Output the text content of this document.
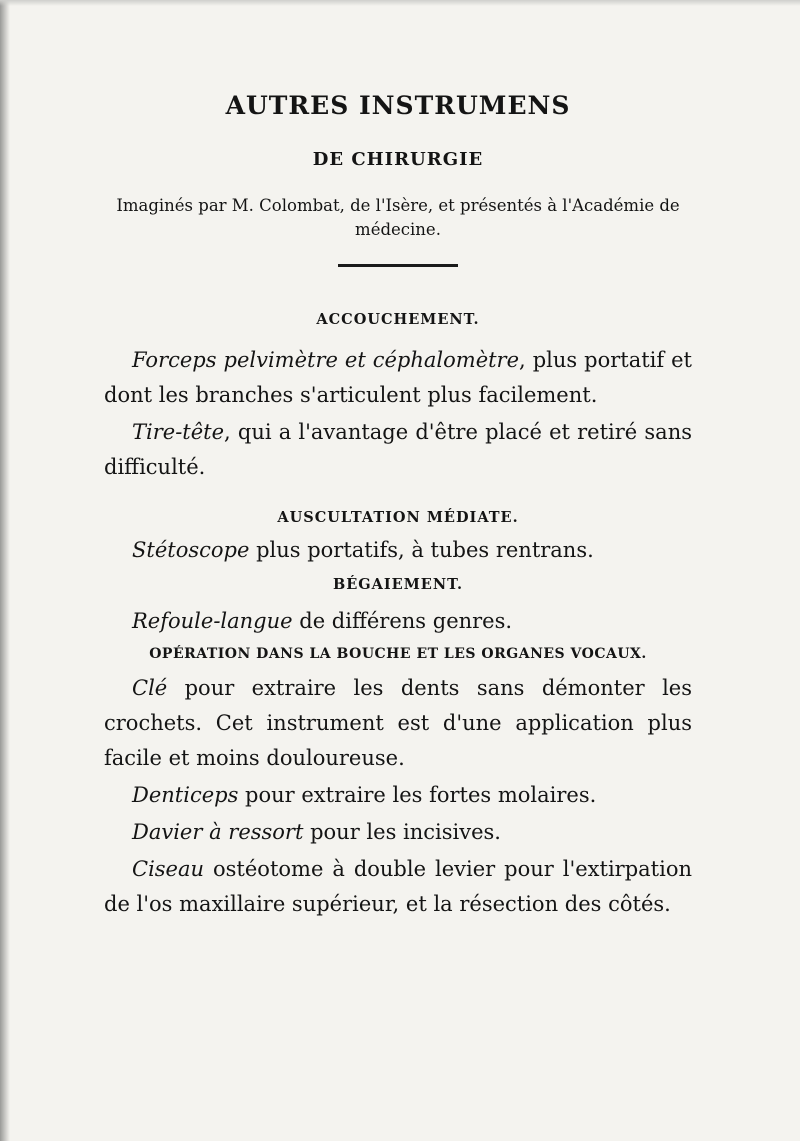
AUTRES INSTRUMENS
DE CHIRURGIE

Imaginés par M. Colombat, de l'Isère, et présentés à l'Académie de médecine.

ACCOUCHEMENT.

Forceps pelvimètre et céphalomètre, plus portatif et dont les branches s'articulent plus facilement.

Tire-tête, qui a l'avantage d'être placé et retiré sans difficulté.

AUSCULTATION MÉDIATE.

Stétoscope plus portatifs, à tubes rentrans.

BÉGAIEMENT.

Refoule-langue de différens genres.

OPÉRATION DANS LA BOUCHE ET LES ORGANES VOCAUX.

Clé pour extraire les dents sans démonter les crochets. Cet instrument est d'une application plus facile et moins douloureuse.

Denticeps pour extraire les fortes molaires.

Davier à ressort pour les incisives.

Ciseau ostéotome à double levier pour l'extirpation de l'os maxillaire supérieur, et la résection des côtés.
